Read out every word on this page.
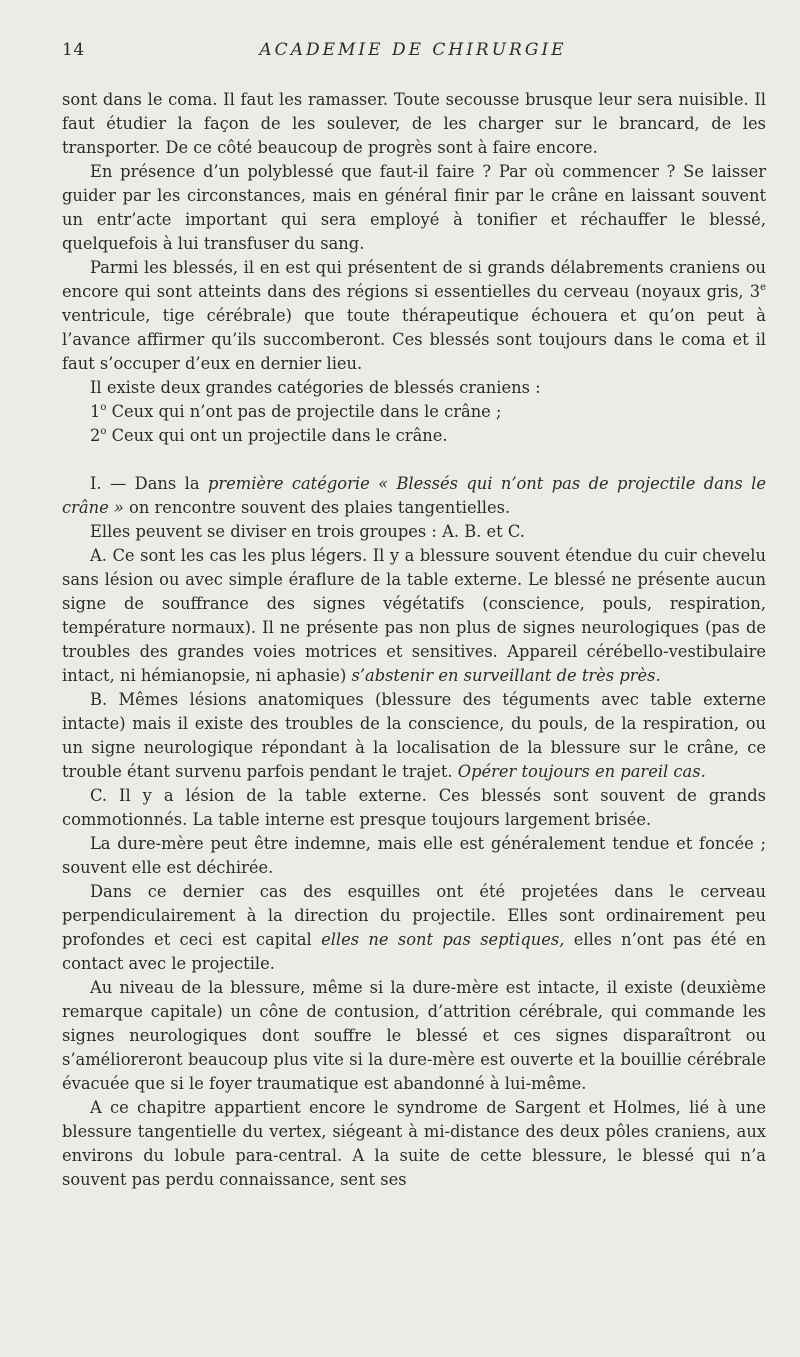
14	ACADEMIE DE CHIRURGIE

sont dans le coma. Il faut les ramasser. Toute secousse brusque leur sera nuisible. Il faut étudier la façon de les soulever, de les charger sur le brancard, de les transporter. De ce côté beaucoup de progrès sont à faire encore.

En présence d’un polyblessé que faut-il faire ? Par où commencer ? Se laisser guider par les circonstances, mais en général finir par le crâne en laissant souvent un entr’acte important qui sera employé à tonifier et réchauffer le blessé, quelquefois à lui transfuser du sang.

Parmi les blessés, il en est qui présentent de si grands délabrements craniens ou encore qui sont atteints dans des régions si essentielles du cerveau (noyaux gris, 3e ventricule, tige cérébrale) que toute thérapeutique échouera et qu’on peut à l’avance affirmer qu’ils succomberont. Ces blessés sont toujours dans le coma et il faut s’occuper d’eux en dernier lieu.

Il existe deux grandes catégories de blessés craniens :

1$^o$ Ceux qui n’ont pas de projectile dans le crâne ;

2$^o$ Ceux qui ont un projectile dans le crâne.

I. — Dans la première catégorie « Blessés qui n’ont pas de projectile dans le crâne » on rencontre souvent des plaies tangentielles.

Elles peuvent se diviser en trois groupes : A. B. et C.

A. Ce sont les cas les plus légers. Il y a blessure souvent étendue du cuir chevelu sans lésion ou avec simple éraflure de la table externe. Le blessé ne présente aucun signe de souffrance des signes végétatifs (conscience, pouls, respiration, température normaux). Il ne présente pas non plus de signes neurologiques (pas de troubles des grandes voies motrices et sensitives. Appareil cérébello-vestibulaire intact, ni hémianopsie, ni aphasie) s’abstenir en surveillant de très près.

B. Mêmes lésions anatomiques (blessure des téguments avec table externe intacte) mais il existe des troubles de la conscience, du pouls, de la respiration, ou un signe neurologique répondant à la localisation de la blessure sur le crâne, ce trouble étant survenu parfois pendant le trajet. Opérer toujours en pareil cas.

C. Il y a lésion de la table externe. Ces blessés sont souvent de grands commotionnés. La table interne est presque toujours largement brisée.

La dure-mère peut être indemne, mais elle est généralement tendue et foncée ; souvent elle est déchirée.

Dans ce dernier cas des esquilles ont été projetées dans le cerveau perpendiculairement à la direction du projectile. Elles sont ordinairement peu profondes et ceci est capital elles ne sont pas septiques, elles n’ont pas été en contact avec le projectile.

Au niveau de la blessure, même si la dure-mère est intacte, il existe (deuxième remarque capitale) un cône de contusion, d’attrition cérébrale, qui commande les signes neurologiques dont souffre le blessé et ces signes disparaîtront ou s’amélioreront beaucoup plus vite si la dure-mère est ouverte et la bouillie cérébrale évacuée que si le foyer traumatique est abandonné à lui-même.

A ce chapitre appartient encore le syndrome de Sargent et Holmes, lié à une blessure tangentielle du vertex, siégeant à mi-distance des deux pôles craniens, aux environs du lobule para-central. A la suite de cette blessure, le blessé qui n’a souvent pas perdu connaissance, sent ses
